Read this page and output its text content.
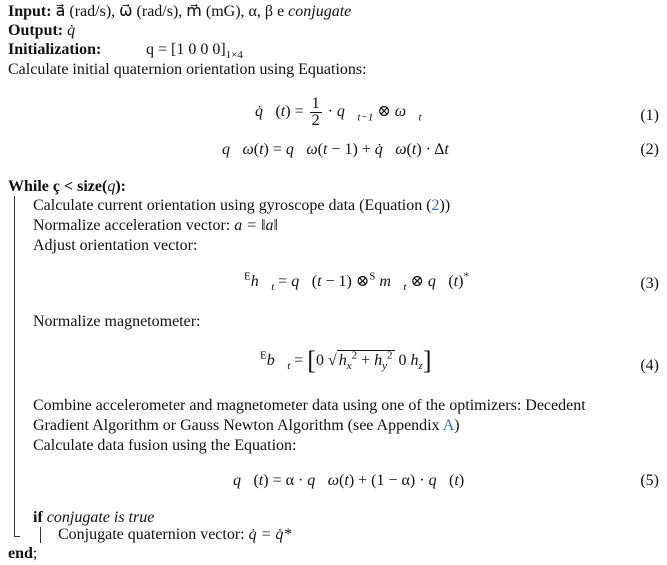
Input: a⃗ (rad/s), ω⃗ (rad/s), m⃗ (mG), α, β e conjugate
Output: q̇
Initialization:	q = [1 0 0 $0]_{1\times 4}$
Calculate initial quaternion orientation using Equations:
q̇⃗(t) = $\frac{1}{2}$ · $q⃗_{t-1}$ ⊗ $\omega⃗_t$	(1)
q⃗ω(t) = q⃗ω(t − 1) + q̇⃗ω(t) · Δt	(2)
While ç < size(q):
Calculate current orientation using gyroscope data (Equation (2))
Normalize acceleration vector: a = ‖a‖
Adjust orientation vector:
$^Eh⃗_t$ = q⃗(t − 1) ⊗$^S$ $m⃗_t$ ⊗ q⃗(t)*	(3)
Normalize magnetometer:
$^Eb⃗_t = [0$ √ $h_x^2 + h_y^2$ 0 $h_z$]	(4)
Combine accelerometer and magnetometer data using one of the optimizers: Decedent
Gradient Algorithm or Gauss Newton Algorithm (see Appendix A)
Calculate data fusion using the Equation:
q⃗(t) = α · q⃗ω(t) + (1 − α) · q⃗(t)	(5)
if conjugate is true
Conjugate quaternion vector: q̇ = q̇*
end;
